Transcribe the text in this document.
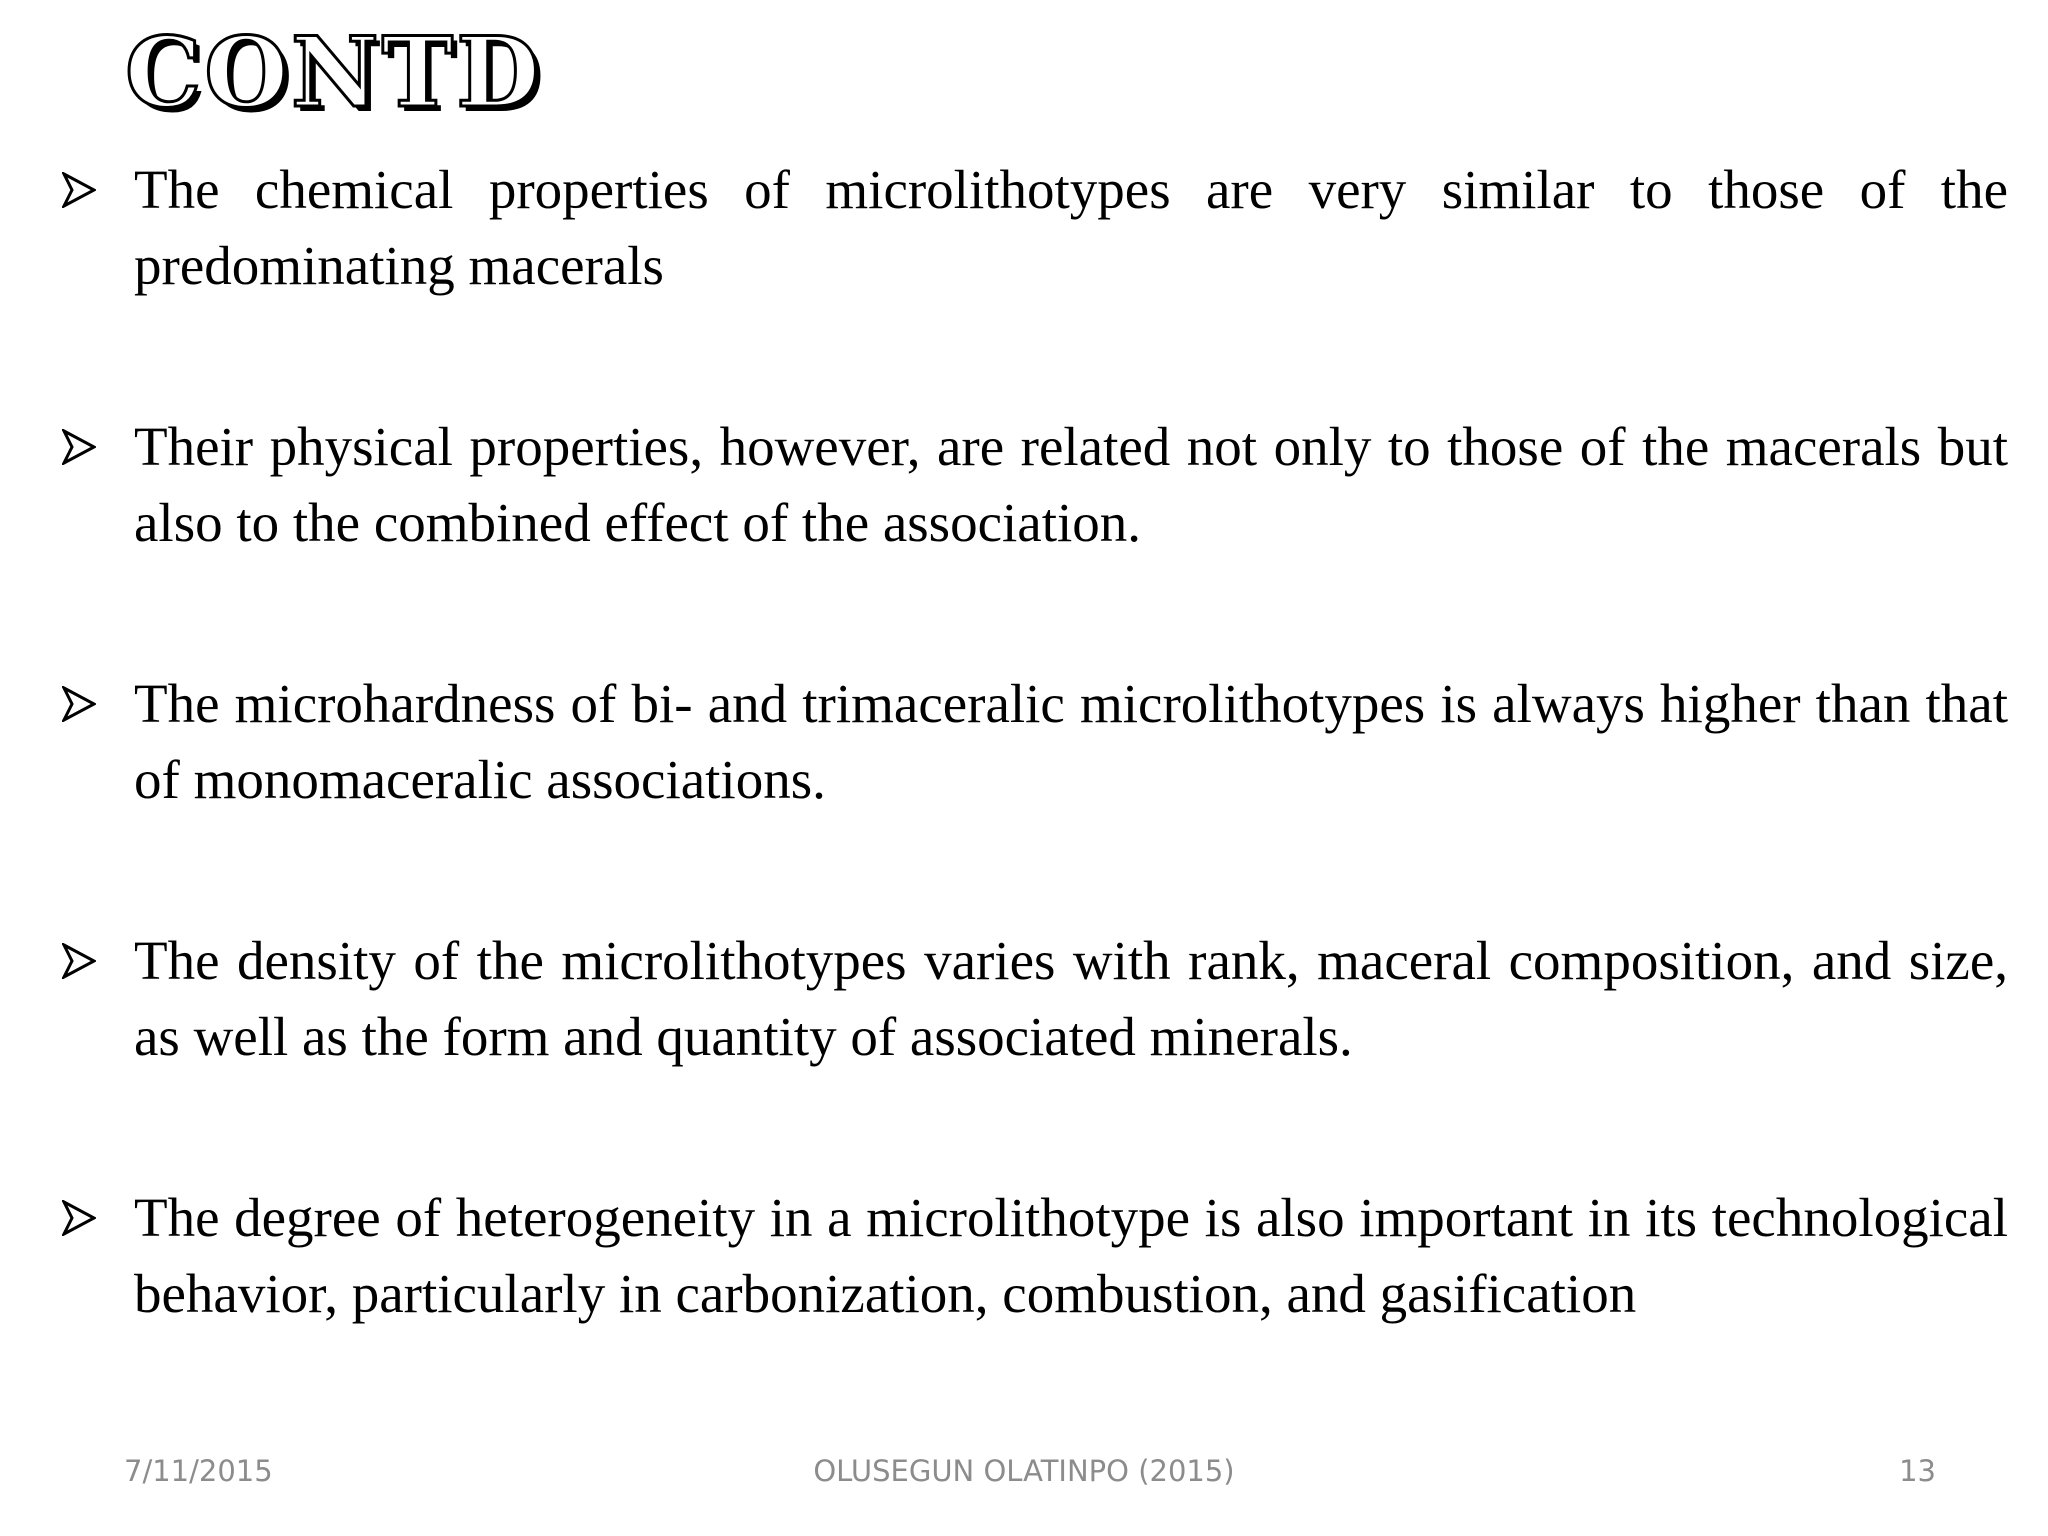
CONTD
The chemical properties of microlithotypes are very similar to those of the predominating macerals
Their physical properties, however, are related not only to those of the macerals but also to the combined effect of the association.
The microhardness of bi- and trimaceralic microlithotypes is always higher than that of monomaceralic associations.
The density of the microlithotypes varies with rank, maceral composition, and size, as well as the form and quantity of associated minerals.
The degree of heterogeneity in a microlithotype is also important in its technological behavior, particularly in carbonization, combustion, and gasification
7/11/2015	OLUSEGUN OLATINPO (2015)	13
